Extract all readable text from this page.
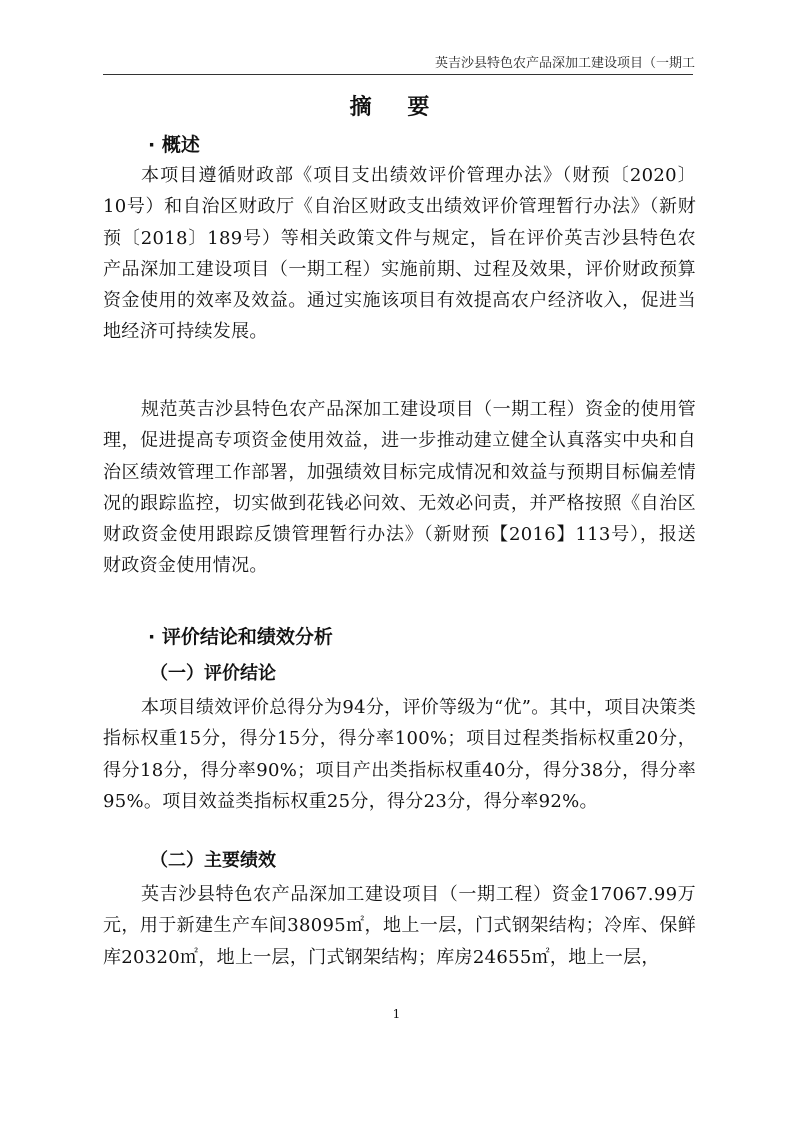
英吉沙县特色农产品深加工建设项目（一期工
摘 要
· 概述
本项目遵循财政部《项目支出绩效评价管理办法》（财预〔2020〕10号）和自治区财政厅《自治区财政支出绩效评价管理暂行办法》（新财预〔2018〕189号）等相关政策文件与规定，旨在评价英吉沙县特色农产品深加工建设项目（一期工程）实施前期、过程及效果，评价财政预算资金使用的效率及效益。通过实施该项目有效提高农户经济收入，促进当地经济可持续发展。
规范英吉沙县特色农产品深加工建设项目（一期工程）资金的使用管理，促进提高专项资金使用效益，进一步推动建立健全认真落实中央和自治区绩效管理工作部署，加强绩效目标完成情况和效益与预期目标偏差情况的跟踪监控，切实做到花钱必问效、无效必问责，并严格按照《自治区财政资金使用跟踪反馈管理暂行办法》（新财预【2016】113号），报送财政资金使用情况。
· 评价结论和绩效分析
（一）评价结论
本项目绩效评价总得分为94分，评价等级为“优”。其中，项目决策类指标权重15分，得分15分，得分率100%；项目过程类指标权重20分，得分18分，得分率90%；项目产出类指标权重40分，得分38分，得分率95%。项目效益类指标权重25分，得分23分，得分率92%。
（二）主要绩效
英吉沙县特色农产品深加工建设项目（一期工程）资金17067.99万元，用于新建生产车间38095㎡，地上一层，门式钢架结构；冷库、保鲜库20320㎡，地上一层，门式钢架结构；库房24655㎡，地上一层，
1
